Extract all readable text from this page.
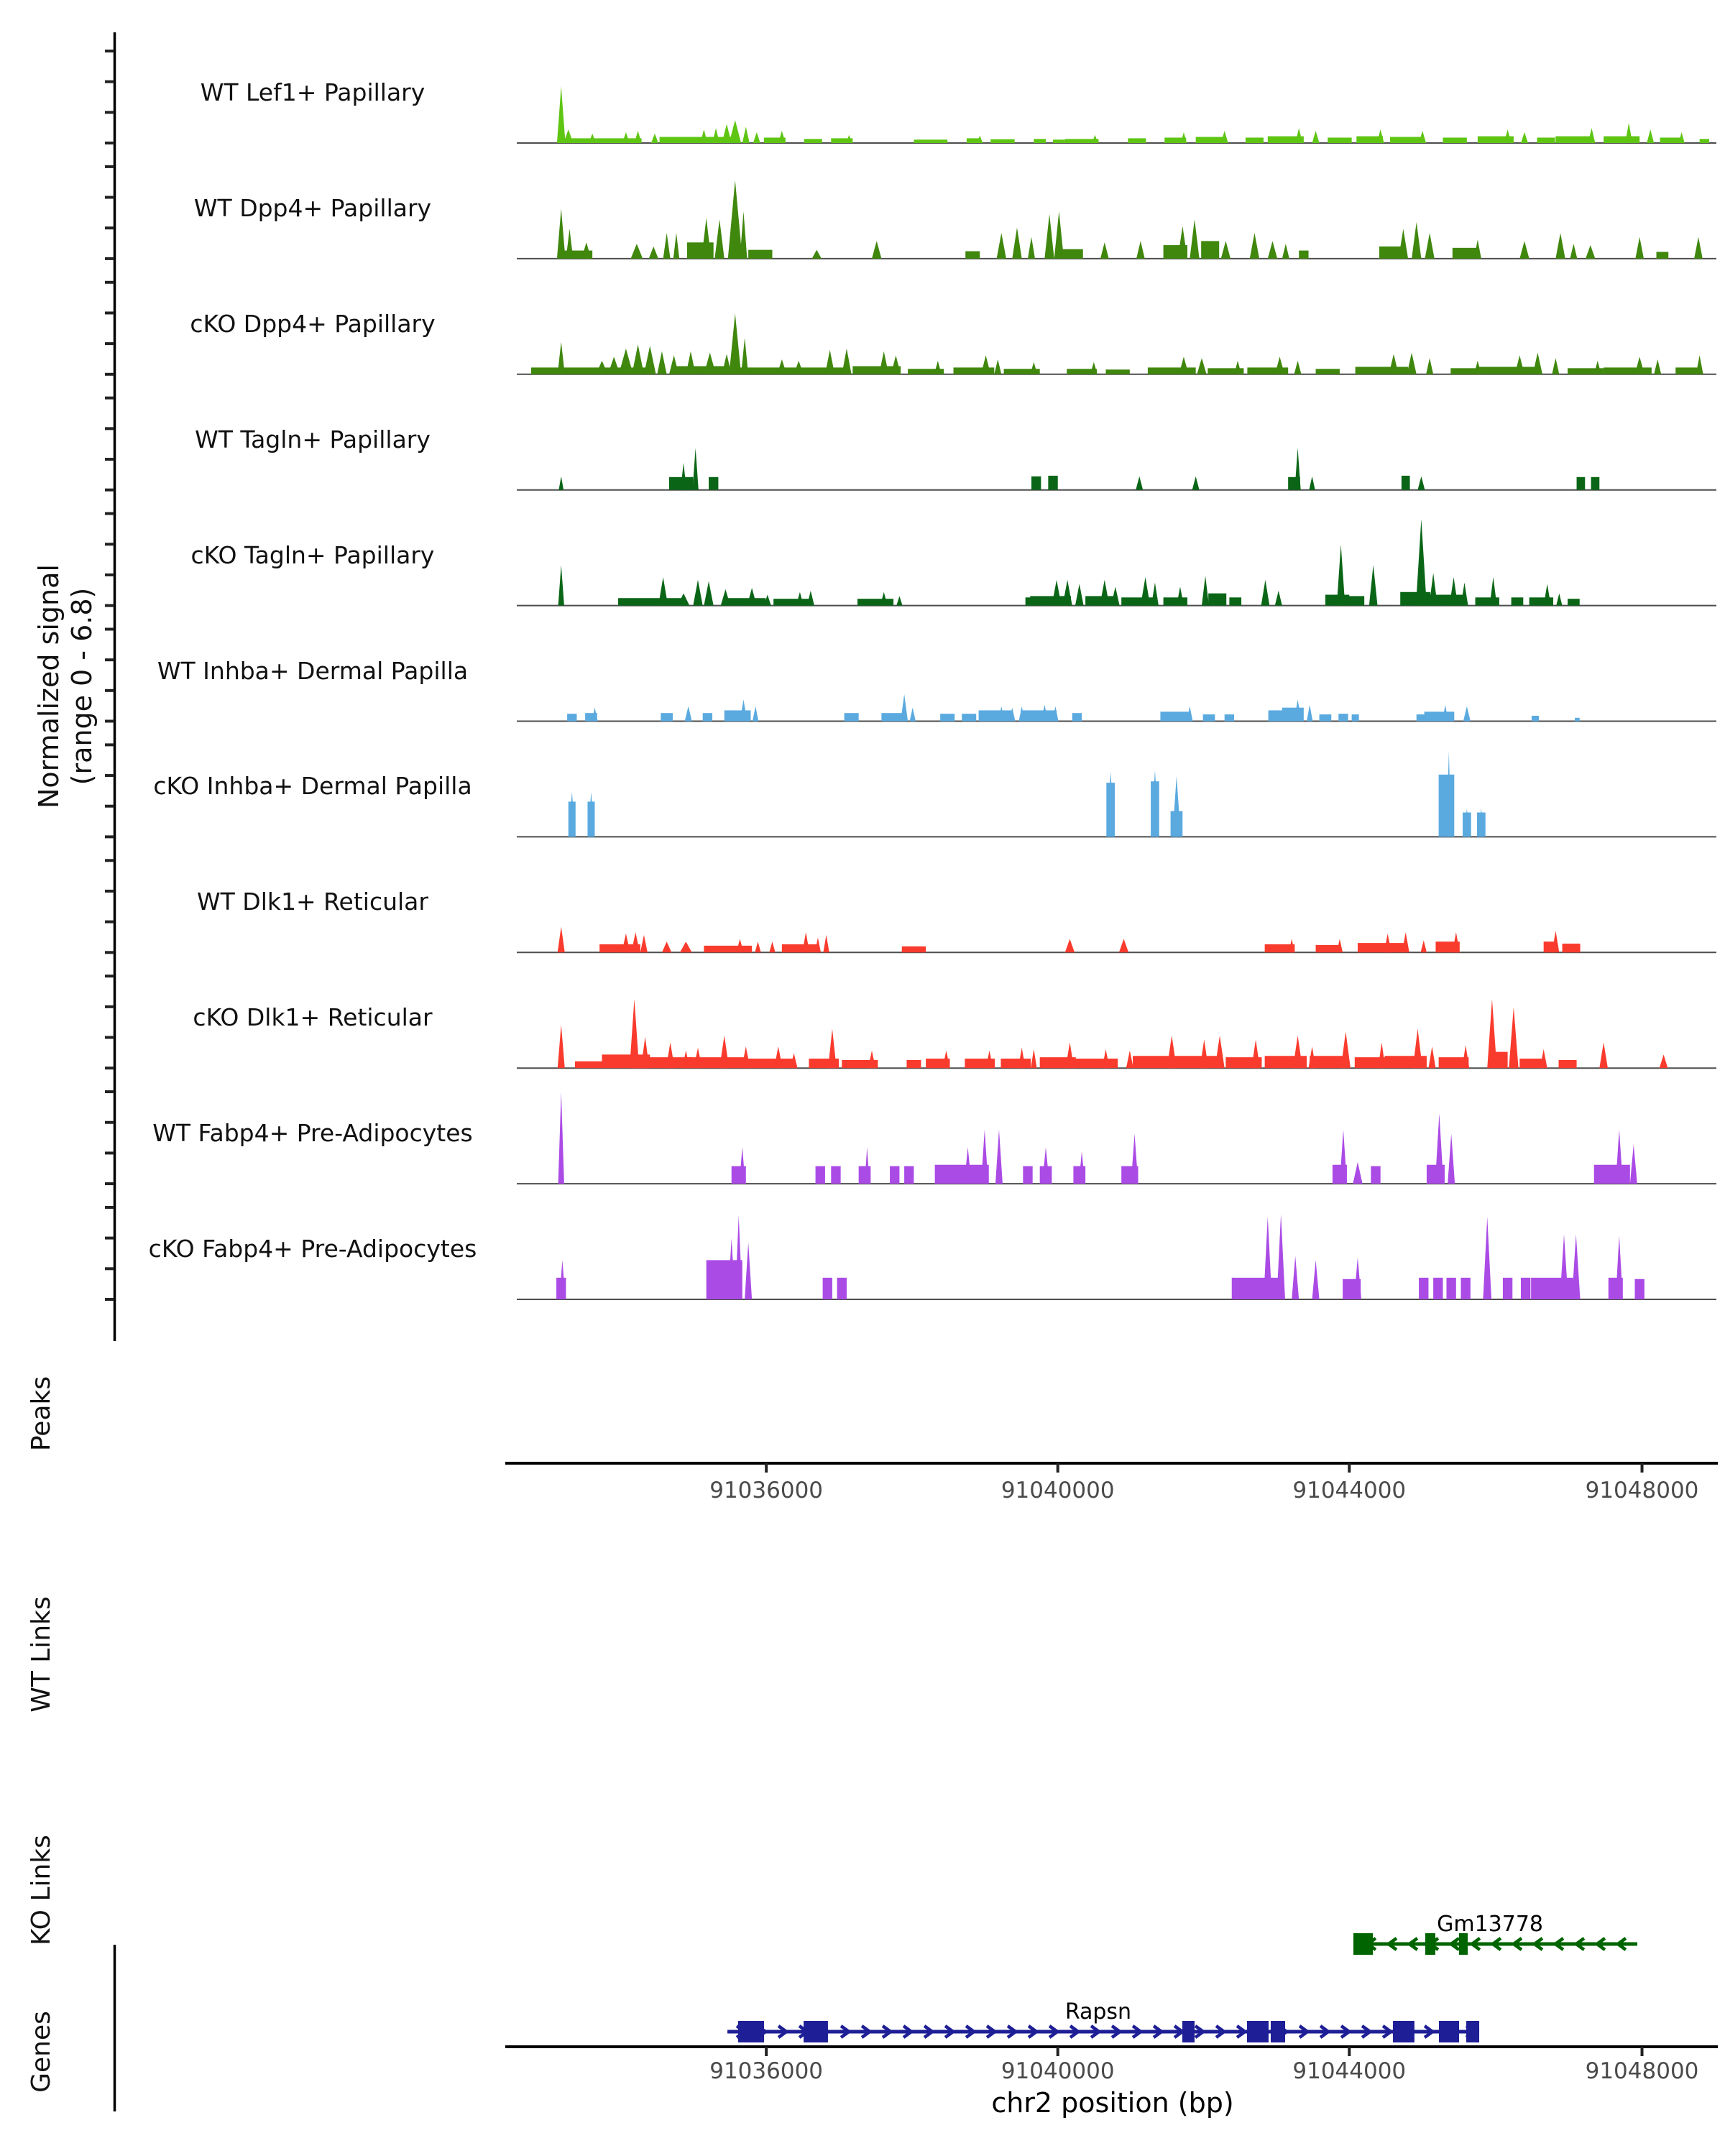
Normalized signal (range 0 - 6.8)
Peaks
WT Links
KO Links
Genes
chr2 position (bp)
WT Lef1+ Papillary
WT Dpp4+ Papillary
cKO Dpp4+ Papillary
WT Tagln+ Papillary
cKO Tagln+ Papillary
WT Inhba+ Dermal Papilla
cKO Inhba+ Dermal Papilla
WT Dlk1+ Reticular
cKO Dlk1+ Reticular
WT Fabp4+ Pre-Adipocytes
cKO Fabp4+ Pre-Adipocytes
91036000
91036000
91040000
91040000
91044000
91044000
91048000
91048000
Gm13778
Rapsn
